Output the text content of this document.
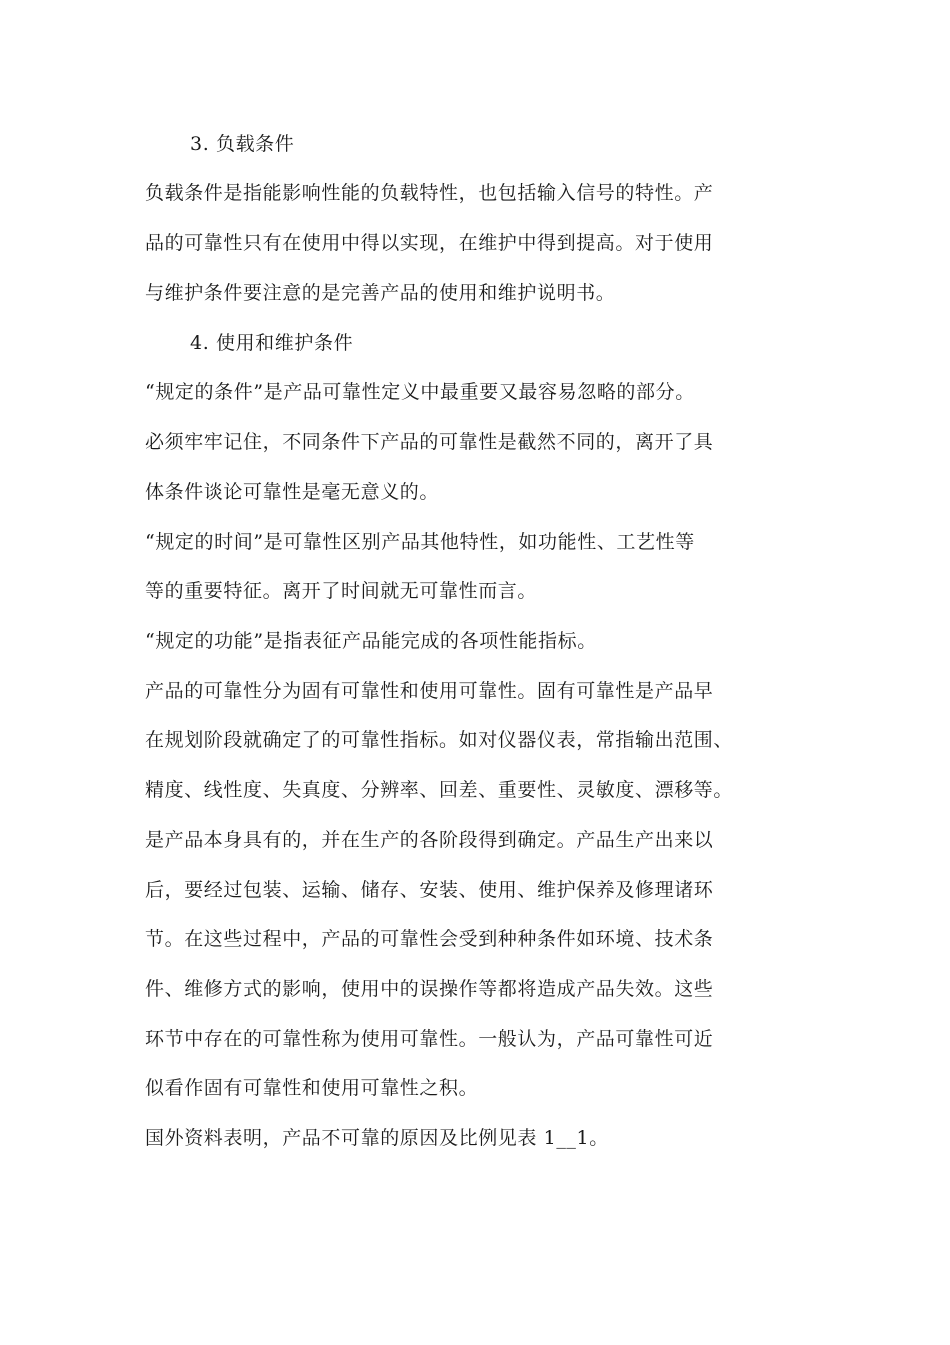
3. 负载条件
负载条件是指能影响性能的负载特性，也包括输入信号的特性。产
品的可靠性只有在使用中得以实现，在维护中得到提高。对于使用
与维护条件要注意的是完善产品的使用和维护说明书。
4. 使用和维护条件
“规定的条件”是产品可靠性定义中最重要又最容易忽略的部分。
必须牢牢记住，不同条件下产品的可靠性是截然不同的，离开了具
体条件谈论可靠性是毫无意义的。
“规定的时间”是可靠性区别产品其他特性，如功能性、工艺性等
等的重要特征。离开了时间就无可靠性而言。
“规定的功能”是指表征产品能完成的各项性能指标。
产品的可靠性分为固有可靠性和使用可靠性。固有可靠性是产品早
在规划阶段就确定了的可靠性指标。如对仪器仪表，常指输出范围、
精度、线性度、失真度、分辨率、回差、重要性、灵敏度、漂移等。
是产品本身具有的，并在生产的各阶段得到确定。产品生产出来以
后，要经过包装、运输、储存、安装、使用、维护保养及修理诸环
节。在这些过程中，产品的可靠性会受到种种条件如环境、技术条
件、维修方式的影响，使用中的误操作等都将造成产品失效。这些
环节中存在的可靠性称为使用可靠性。一般认为，产品可靠性可近
似看作固有可靠性和使用可靠性之积。
国外资料表明，产品不可靠的原因及比例见表 1__1。
